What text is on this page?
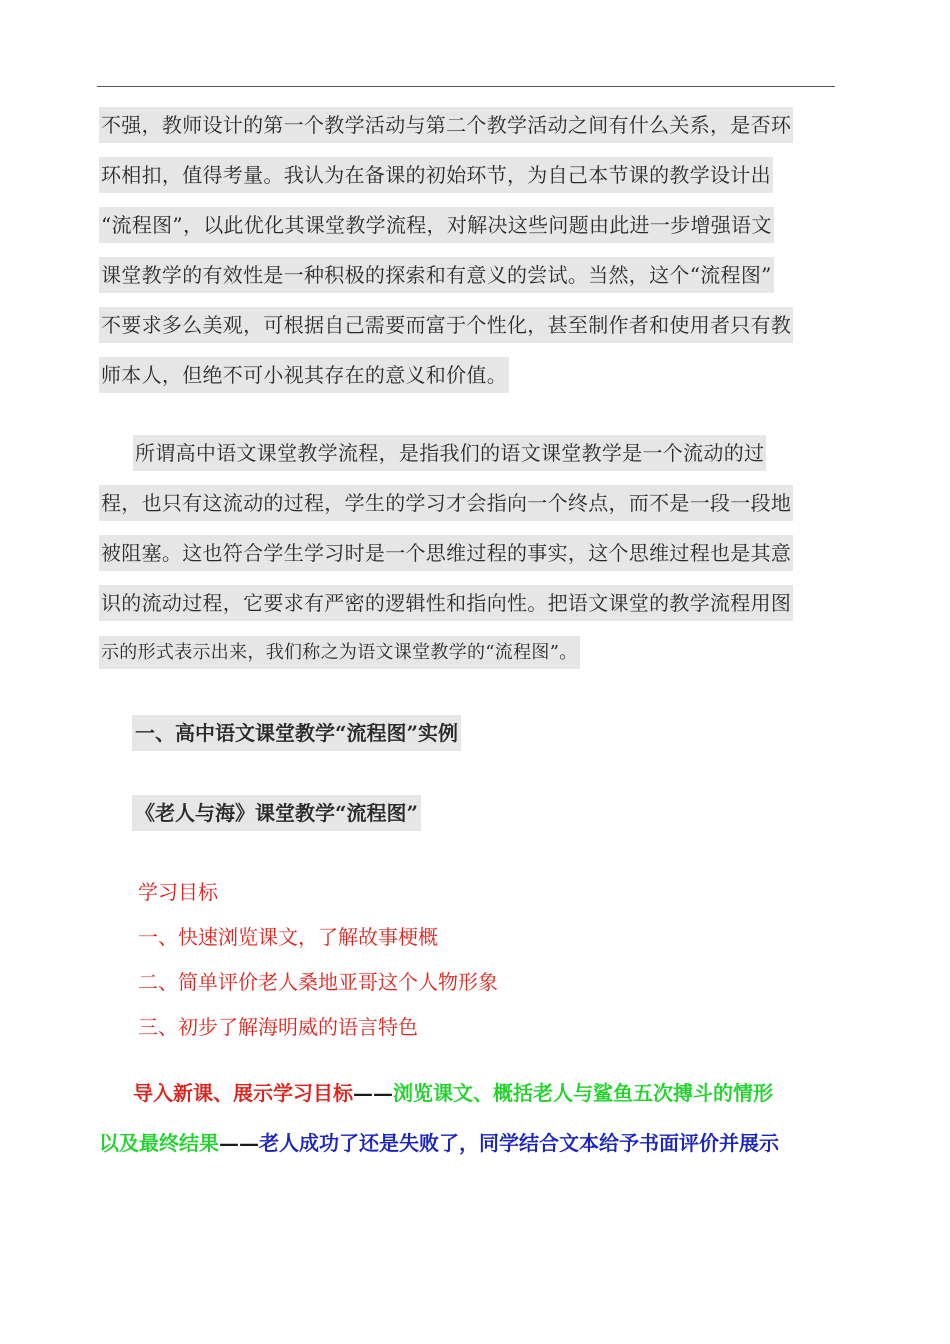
不强，教师设计的第一个教学活动与第二个教学活动之间有什么关系，是否环
环相扣，值得考量。我认为在备课的初始环节，为自己本节课的教学设计出
“流程图”，以此优化其课堂教学流程，对解决这些问题由此进一步增强语文
课堂教学的有效性是一种积极的探索和有意义的尝试。当然，这个“流程图”
不要求多么美观，可根据自己需要而富于个性化，甚至制作者和使用者只有教
师本人，但绝不可小视其存在的意义和价值。
所谓高中语文课堂教学流程，是指我们的语文课堂教学是一个流动的过
程，也只有这流动的过程，学生的学习才会指向一个终点，而不是一段一段地
被阻塞。这也符合学生学习时是一个思维过程的事实，这个思维过程也是其意
识的流动过程，它要求有严密的逻辑性和指向性。把语文课堂的教学流程用图
示的形式表示出来，我们称之为语文课堂教学的“流程图”。
一、高中语文课堂教学“流程图”实例
《老人与海》课堂教学“流程图”
学习目标
一、快速浏览课文，了解故事梗概
二、简单评价老人桑地亚哥这个人物形象
三、初步了解海明威的语言特色
导入新课、展示学习目标——浏览课文、概括老人与鲨鱼五次搏斗的情形
以及最终结果——老人成功了还是失败了，同学结合文本给予书面评价并展示
